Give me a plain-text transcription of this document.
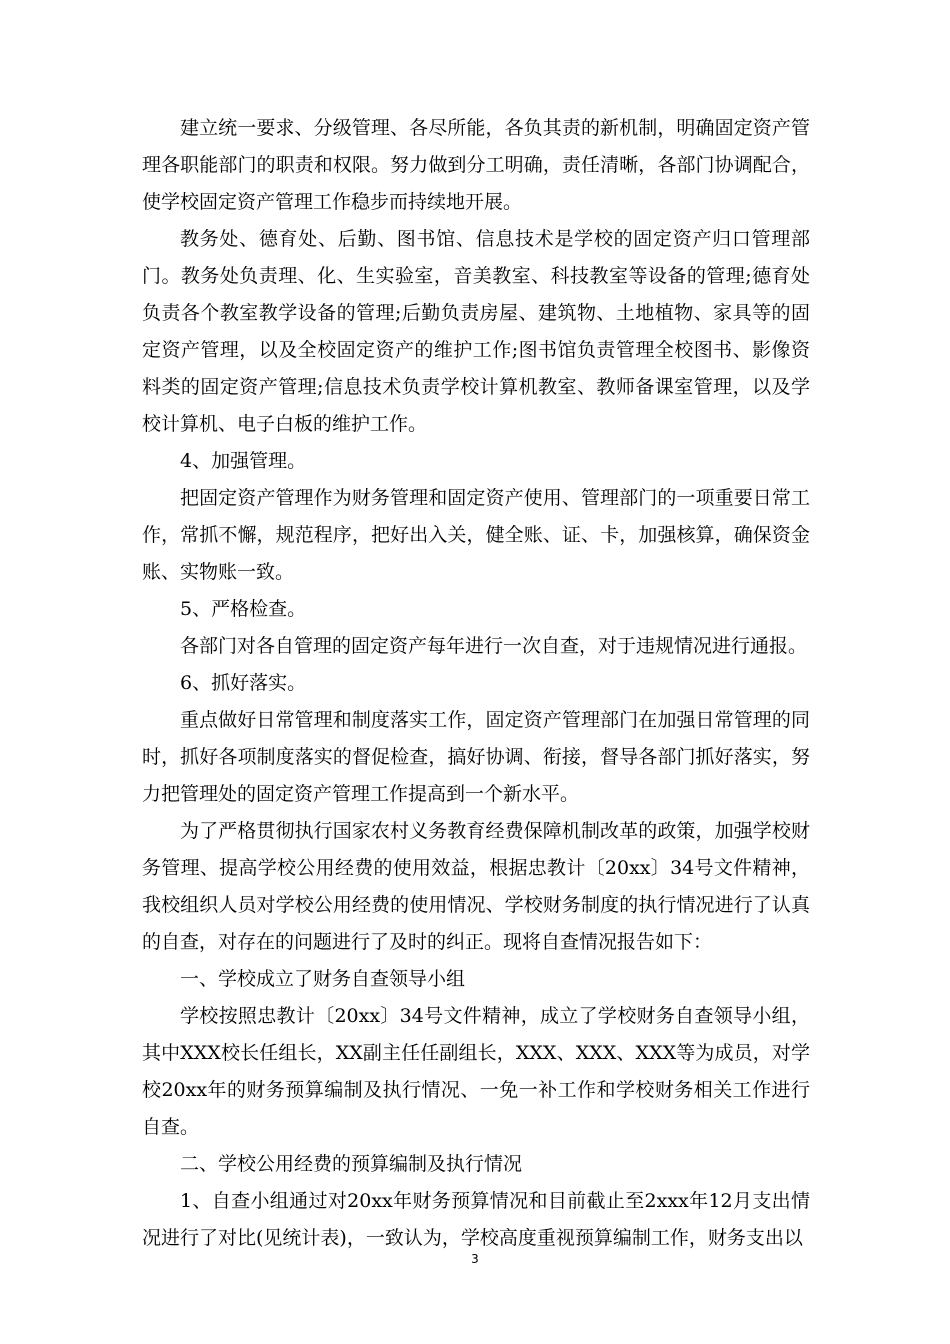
建立统一要求、分级管理、各尽所能，各负其责的新机制，明确固定资产管理各职能部门的职责和权限。努力做到分工明确，责任清晰，各部门协调配合，使学校固定资产管理工作稳步而持续地开展。

教务处、德育处、后勤、图书馆、信息技术是学校的固定资产归口管理部门。教务处负责理、化、生实验室，音美教室、科技教室等设备的管理;德育处负责各个教室教学设备的管理;后勤负责房屋、建筑物、土地植物、家具等的固定资产管理，以及全校固定资产的维护工作;图书馆负责管理全校图书、影像资料类的固定资产管理;信息技术负责学校计算机教室、教师备课室管理，以及学校计算机、电子白板的维护工作。

4、加强管理。

把固定资产管理作为财务管理和固定资产使用、管理部门的一项重要日常工作，常抓不懈，规范程序，把好出入关，健全账、证、卡，加强核算，确保资金账、实物账一致。

5、严格检查。

各部门对各自管理的固定资产每年进行一次自查，对于违规情况进行通报。

6、抓好落实。

重点做好日常管理和制度落实工作，固定资产管理部门在加强日常管理的同时，抓好各项制度落实的督促检查，搞好协调、衔接，督导各部门抓好落实，努力把管理处的固定资产管理工作提高到一个新水平。

为了严格贯彻执行国家农村义务教育经费保障机制改革的政策，加强学校财务管理、提高学校公用经费的使用效益，根据忠教计〔20xx〕34号文件精神，我校组织人员对学校公用经费的使用情况、学校财务制度的执行情况进行了认真的自查，对存在的问题进行了及时的纠正。现将自查情况报告如下：

一、学校成立了财务自查领导小组

学校按照忠教计〔20xx〕34号文件精神，成立了学校财务自查领导小组，其中XXX校长任组长，XX副主任任副组长，XXX、XXX、XXX等为成员，对学校20xx年的财务预算编制及执行情况、一免一补工作和学校财务相关工作进行自查。

二、学校公用经费的预算编制及执行情况

1、自查小组通过对20xx年财务预算情况和目前截止至2xxx年12月支出情况进行了对比(见统计表)，一致认为，学校高度重视预算编制工作，财务支出以

3
